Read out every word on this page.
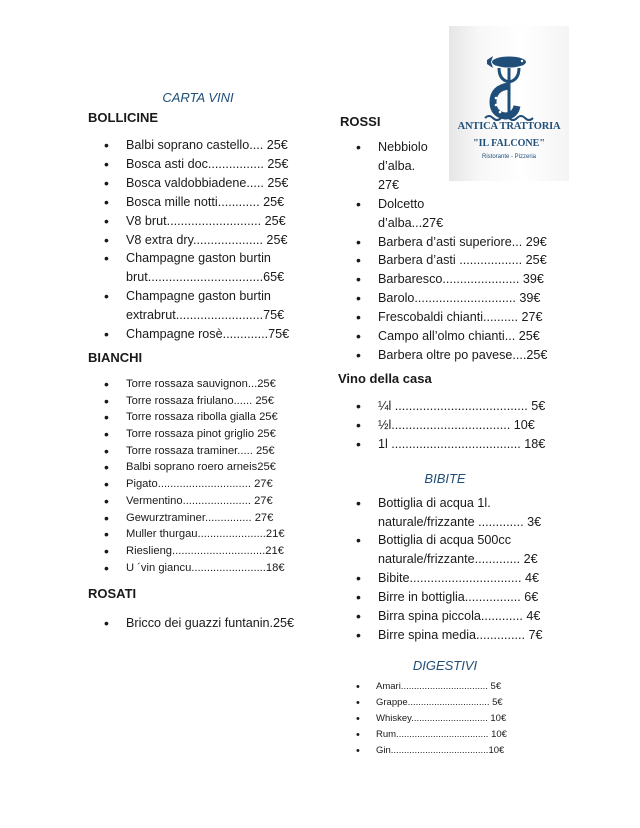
CARTA VINI
BOLLICINE
• Balbi soprano castello.... 25€
• Bosca asti doc................ 25€
• Bosca valdobbiadene..... 25€
• Bosca mille notti............ 25€
• V8 brut........................... 25€
• V8 extra dry.................... 25€
• Champagne gaston burtin brut.................................65€
• Champagne gaston burtin extrabrut.........................75€
• Champagne rosè.............75€
BIANCHI
• Torre rossaza sauvignon...25€
• Torre rossaza friulano...... 25€
• Torre rossaza ribolla gialla 25€
• Torre rossaza pinot griglio 25€
• Torre rossaza traminer..... 25€
• Balbi soprano roero arneis25€
• Pigato.............................. 27€
• Vermentino...................... 27€
• Gewurztraminer............... 27€
• Muller thurgau......................21€
• Rieslieng..............................21€
• U ´vin giancu........................18€
ROSATI
• Bricco dei guazzi funtanin.25€
ANTICA TRATTORIA
"IL FALCONE"
Ristorante - Pizzeria
ROSSI
• Nebbiolo d’alba. 27€
• Dolcetto d’alba...27€
• Barbera d’asti superiore... 29€
• Barbera d’asti .................. 25€
• Barbaresco...................... 39€
• Barolo............................. 39€
• Frescobaldi chianti.......... 27€
• Campo all’olmo chianti... 25€
• Barbera oltre po pavese....25€
Vino della casa
• ¼l ...................................... 5€
• ½l.................................. 10€
• 1l ..................................... 18€
BIBITE
• Bottiglia di acqua 1l. naturale/frizzante ............. 3€
• Bottiglia di acqua 500cc naturale/frizzante............. 2€
• Bibite................................ 4€
• Birre in bottiglia................ 6€
• Birra spina piccola............ 4€
• Birre spina media.............. 7€
DIGESTIVI
• Amari................................. 5€
• Grappe............................... 5€
• Whiskey............................. 10€
• Rum................................... 10€
• Gin.....................................10€
